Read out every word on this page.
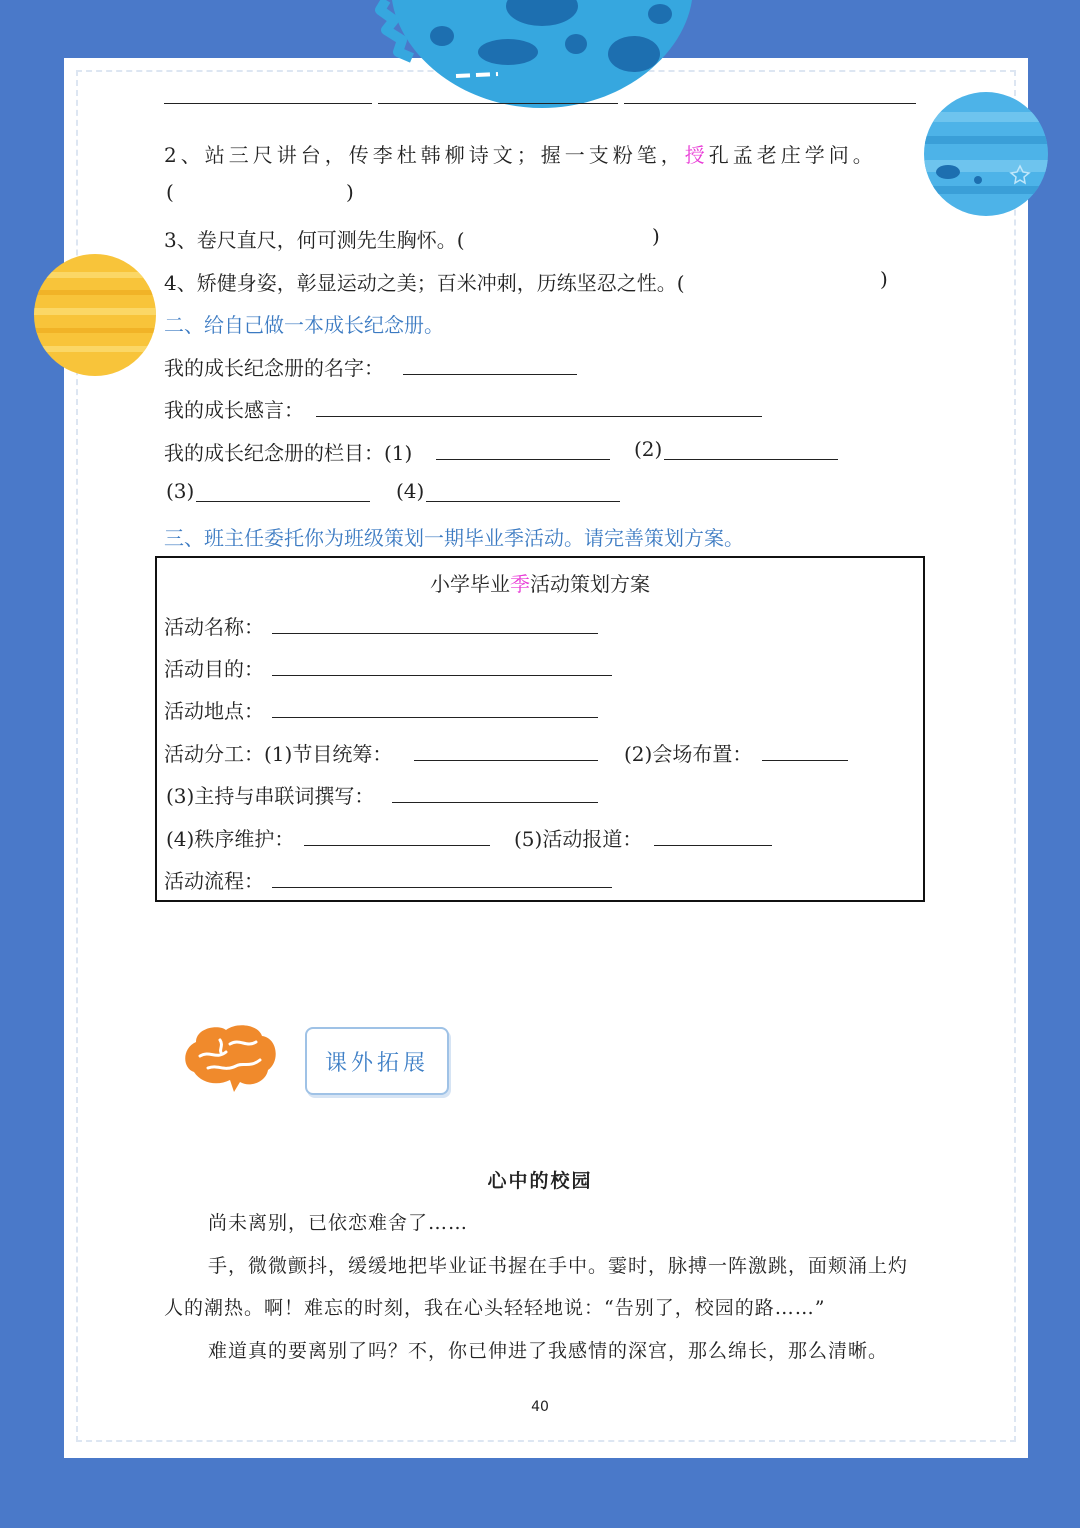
2、站三尺讲台，传李杜韩柳诗文；握一支粉笔，授孔孟老庄学问。
(	)
3、卷尺直尺，何可测先生胸怀。(	)
4、矫健身姿，彰显运动之美；百米冲刺，历练坚忍之性。(	)
二、给自己做一本成长纪念册。
我的成长纪念册的名字：
我的成长感言：
我的成长纪念册的栏目：(1)	(2)
(3)	(4)
三、班主任委托你为班级策划一期毕业季活动。请完善策划方案。
小学毕业季活动策划方案
活动名称：
活动目的：
活动地点：
活动分工：(1)节目统筹：	(2)会场布置：
(3)主持与串联词撰写：
(4)秩序维护：	(5)活动报道：
活动流程：
课外拓展
心中的校园
尚未离别，已依恋难舍了……
手，微微颤抖，缓缓地把毕业证书握在手中。霎时，脉搏一阵激跳，面颊涌上灼
人的潮热。啊！难忘的时刻，我在心头轻轻地说：“告别了，校园的路……”
难道真的要离别了吗？不，你已伸进了我感情的深宫，那么绵长，那么清晰。
40
